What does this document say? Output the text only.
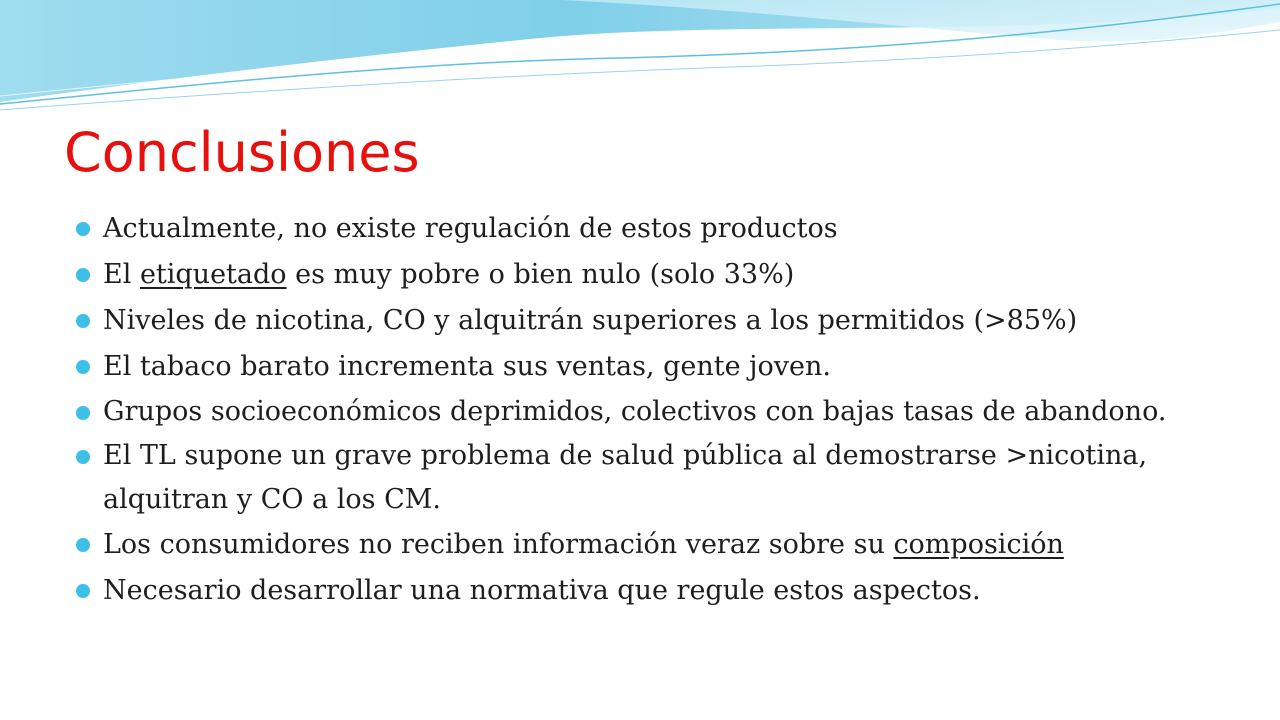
Conclusiones
Actualmente, no existe regulación de estos productos
El etiquetado es muy pobre o bien nulo (solo 33%)
Niveles de nicotina, CO y alquitrán superiores a los permitidos (>85%)
El tabaco barato incrementa sus ventas, gente joven.
Grupos socioeconómicos deprimidos, colectivos con bajas tasas de abandono.
El TL supone un grave problema de salud pública al demostrarse >nicotina, alquitran y CO a los CM.
Los consumidores no reciben información veraz sobre su composición
Necesario desarrollar una normativa que regule estos aspectos.
